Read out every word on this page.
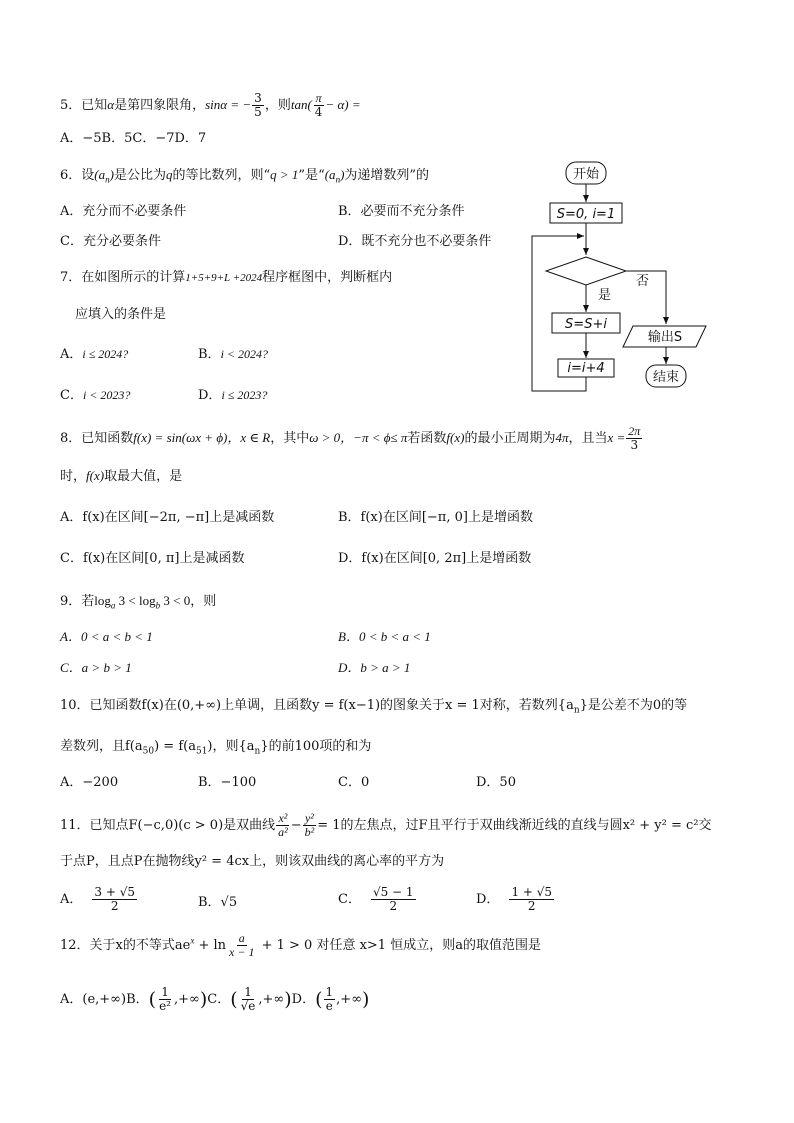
5．已知α是第四象限角，sinα = − $\frac{3}{5}$ ，则$\tan( \frac{\pi}{4} - \alpha)$ =
A．−5B．5C．−7D．7
6．设$(a_n)$是公比为q的等比数列，则“q > 1”是“$(a_n)$为递增数列”的
A．充分而不必要条件	B．必要而不充分条件
C．充分必要条件	D．既不充分也不必要条件
7．在如图所示的计算1+5+9+L +2024程序框图中，判断框内
应填入的条件是
A．i ≤ 2024?	B．i < 2024?
C．i < 2023?	D．i ≤ 2023?
开始
S=0, i=1
否
是
S=S+i
i=i+4
输出S
结束
8．已知函数f(x) = sin(ωx + ϕ)，x ∈ R，其中ω > 0，−π < ϕ≤ π若函数f(x)的最小正周期为4π，且当$x = \frac{2\pi}{3}$
时，f(x)取最大值，是
A．f(x)在区间[−2π, −π]上是减函数	B．f(x)在区间[−π, 0]上是增函数
C．f(x)在区间[0, π]上是减函数	D．f(x)在区间[0, 2π]上是增函数
9．若$\log_a 3 < \log_b 3 < 0$，则
A．0 < a < b < 1	B．0 < b < a < 1
C．a > b > 1	D．b > a > 1
10．已知函数f(x)在(0,+∞)上单调，且函数y = f(x−1)的图象关于x = 1对称，若数列$\{a_n\}$是公差不为0的等
差数列，且$f(a_{50}) = f(a_{51})$，则$\{a_n\}$的前100项的和为
A．−200	B．−100	C．0	D．50
11．已知点F(−c,0)(c > 0)是双曲线 $\frac{\text{x²}}{\text{a²}} - \frac{\text{y²}}{\text{b²}} = 1$的左焦点，过F且平行于双曲线渐近线的直线与圆x² + y² = c²交
于点P，且点P在抛物线y² = 4cx上，则该双曲线的离心率的平方为
A． $\frac{3 + √5}{2}$	B．√5	C． $\frac{√5 - 1}{2}$	D． $\frac{1 + √5}{2}$
12．关于x的不等式$ae^x + \ln \frac{a}{x - 1} + 1 > 0$ 对任意 x>1 恒成立，则a的取值范围是
A．(e,+∞)B．( $\frac{1}{\text{e²}} ,+\infty)C$．( $\frac{1}{√e} ,+\infty)D$．( $\frac{1}{e}$ ,+∞)
